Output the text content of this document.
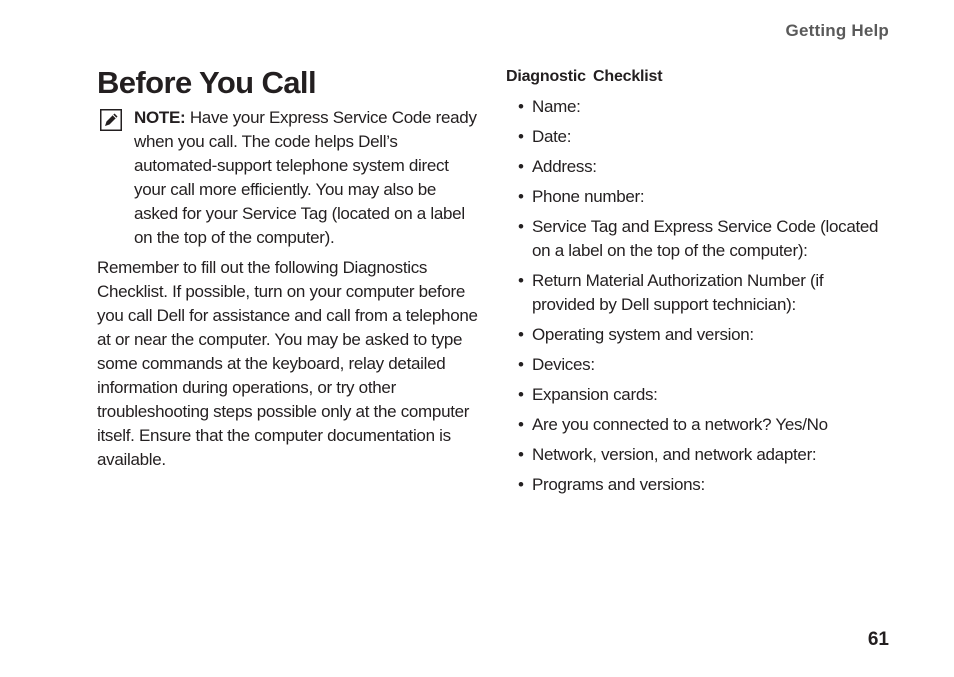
Getting Help
Before You Call
NOTE: Have your Express Service Code ready when you call. The code helps Dell’s automated-support telephone system direct your call more efficiently. You may also be asked for your Service Tag (located on a label on the top of the computer).

Remember to fill out the following Diagnostics Checklist. If possible, turn on your computer before you call Dell for assistance and call from a telephone at or near the computer. You may be asked to type some commands at the keyboard, relay detailed information during operations, or try other troubleshooting steps possible only at the computer itself. Ensure that the computer documentation is available.

Diagnostic Checklist
• Name:
• Date:
• Address:
• Phone number:
• Service Tag and Express Service Code (located on a label on the top of the computer):
• Return Material Authorization Number (if provided by Dell support technician):
• Operating system and version:
• Devices:
• Expansion cards:
• Are you connected to a network? Yes/No
• Network, version, and network adapter:
• Programs and versions:
61
